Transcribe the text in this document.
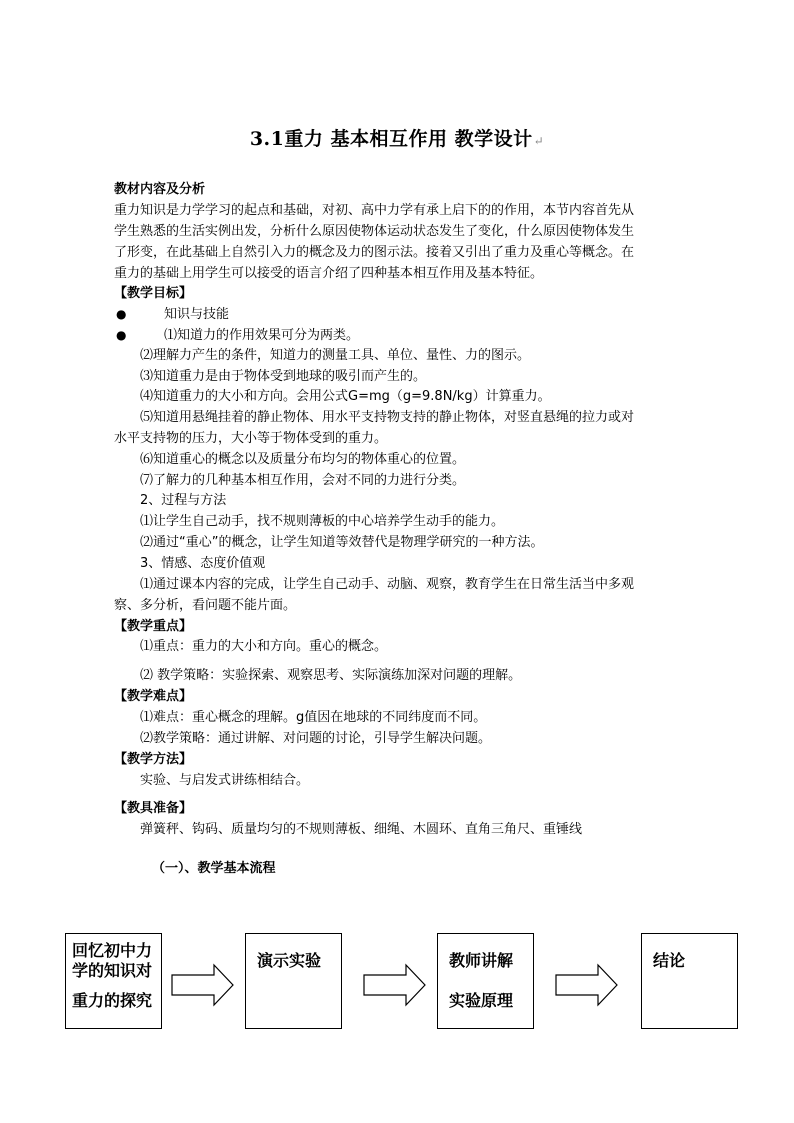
3.1重力 基本相互作用 教学设计↵
教材内容及分析
重力知识是力学学习的起点和基础，对初、高中力学有承上启下的的作用，本节内容首先从
学生熟悉的生活实例出发，分析什么原因使物体运动状态发生了变化，什么原因使物体发生
了形变，在此基础上自然引入力的概念及力的图示法。接着又引出了重力及重心等概念。在
重力的基础上用学生可以接受的语言介绍了四种基本相互作用及基本特征。
【教学目标】
●	知识与技能
●	⑴知道力的作用效果可分为两类。
⑵理解力产生的条件，知道力的测量工具、单位、量性、力的图示。
⑶知道重力是由于物体受到地球的吸引而产生的。
⑷知道重力的大小和方向。会用公式G=mg（g=9.8N/kg）计算重力。
⑸知道用悬绳挂着的静止物体、用水平支持物支持的静止物体，对竖直悬绳的拉力或对
水平支持物的压力，大小等于物体受到的重力。
⑹知道重心的概念以及质量分布均匀的物体重心的位置。
⑺了解力的几种基本相互作用，会对不同的力进行分类。
2、过程与方法
⑴让学生自己动手，找不规则薄板的中心培养学生动手的能力。
⑵通过“重心”的概念，让学生知道等效替代是物理学研究的一种方法。
3、情感、态度价值观
⑴通过课本内容的完成，让学生自己动手、动脑、观察，教育学生在日常生活当中多观
察、多分析，看问题不能片面。
【教学重点】
⑴重点：重力的大小和方向。重心的概念。
⑵ 教学策略：实验探索、观察思考、实际演练加深对问题的理解。
【教学难点】
⑴难点：重心概念的理解。g值因在地球的不同纬度而不同。
⑵教学策略：通过讲解、对问题的讨论，引导学生解决问题。
【教学方法】
实验、与启发式讲练相结合。
【教具准备】
弹簧秤、钩码、质量均匀的不规则薄板、细绳、木圆环、直角三角尺、重锤线
（一）、教学基本流程
回忆初中力
学的知识对
重力的探究
演示实验	教师讲解
实验原理
结论
